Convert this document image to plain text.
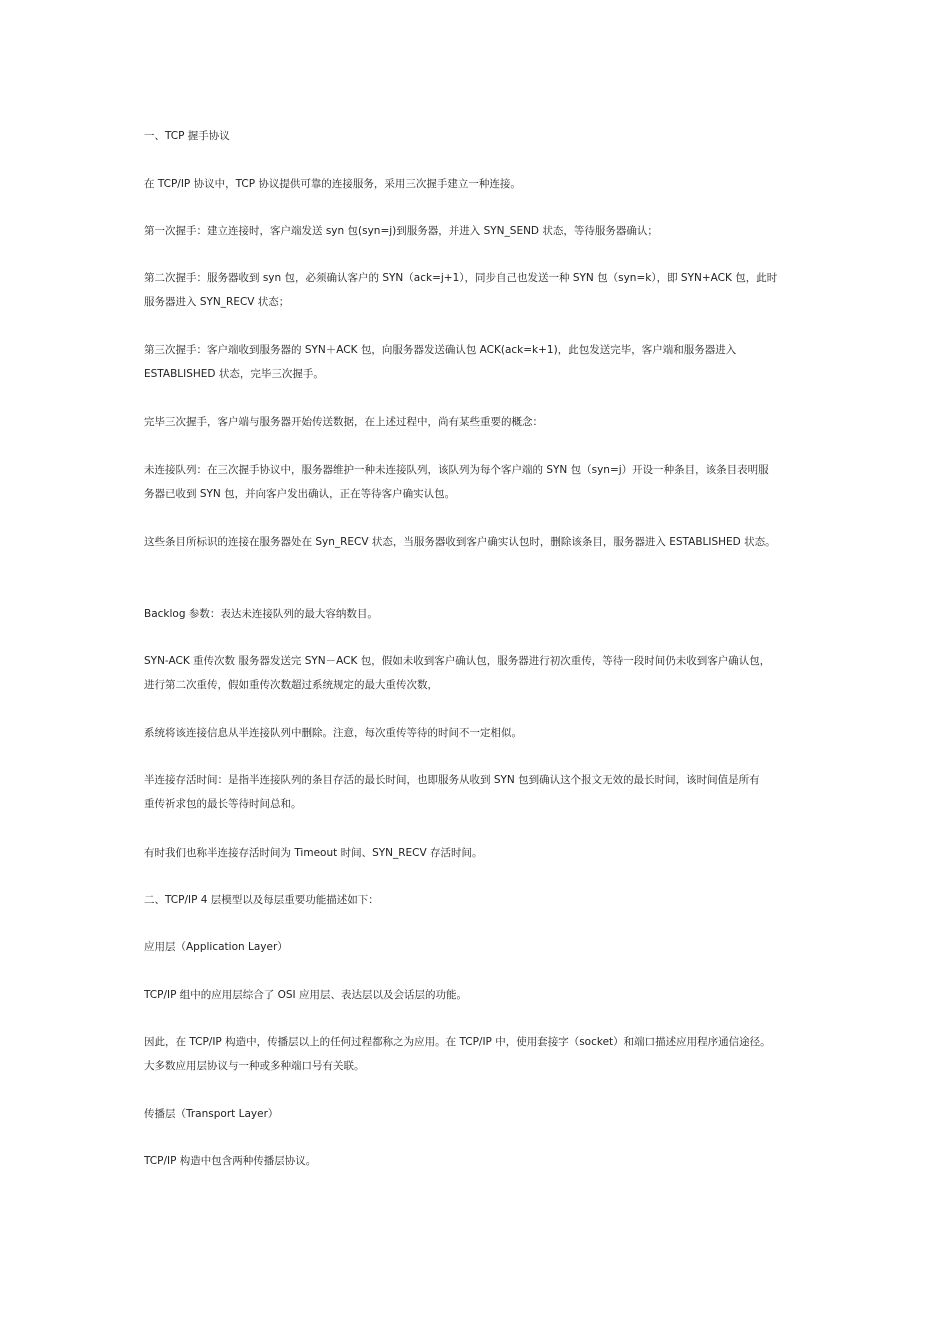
一、TCP 握手协议
在 TCP/IP 协议中，TCP 协议提供可靠的连接服务，采用三次握手建立一种连接。
第一次握手：建立连接时，客户端发送 syn 包(syn=j)到服务器，并进入 SYN_SEND 状态，等待服务器确认；
第二次握手：服务器收到 syn 包，必须确认客户的 SYN（ack=j+1），同步自己也发送一种 SYN 包（syn=k），即 SYN+ACK 包，此时
服务器进入 SYN_RECV 状态；
第三次握手：客户端收到服务器的 SYN＋ACK 包，向服务器发送确认包 ACK(ack=k+1)，此包发送完毕，客户端和服务器进入
ESTABLISHED 状态，完毕三次握手。
完毕三次握手，客户端与服务器开始传送数据，在上述过程中，尚有某些重要的概念：
未连接队列：在三次握手协议中，服务器维护一种未连接队列，该队列为每个客户端的 SYN 包（syn=j）开设一种条目，该条目表明服
务器已收到 SYN 包，并向客户发出确认，正在等待客户确实认包。
这些条目所标识的连接在服务器处在 Syn_RECV 状态，当服务器收到客户确实认包时，删除该条目，服务器进入 ESTABLISHED 状态。
Backlog 参数：表达未连接队列的最大容纳数目。
SYN-ACK 重传次数 服务器发送完 SYN－ACK 包，假如未收到客户确认包，服务器进行初次重传，等待一段时间仍未收到客户确认包，
进行第二次重传，假如重传次数超过系统规定的最大重传次数，
系统将该连接信息从半连接队列中删除。注意，每次重传等待的时间不一定相似。
半连接存活时间：是指半连接队列的条目存活的最长时间，也即服务从收到 SYN 包到确认这个报文无效的最长时间，该时间值是所有
重传祈求包的最长等待时间总和。
有时我们也称半连接存活时间为 Timeout 时间、SYN_RECV 存活时间。
二、TCP/IP 4 层模型以及每层重要功能描述如下：
应用层（Application Layer）
TCP/IP 组中的应用层综合了 OSI 应用层、表达层以及会话层的功能。
因此，在 TCP/IP 构造中，传播层以上的任何过程都称之为应用。在 TCP/IP 中，使用套接字（socket）和端口描述应用程序通信途径。
大多数应用层协议与一种或多种端口号有关联。
传播层（Transport Layer）
TCP/IP 构造中包含两种传播层协议。
